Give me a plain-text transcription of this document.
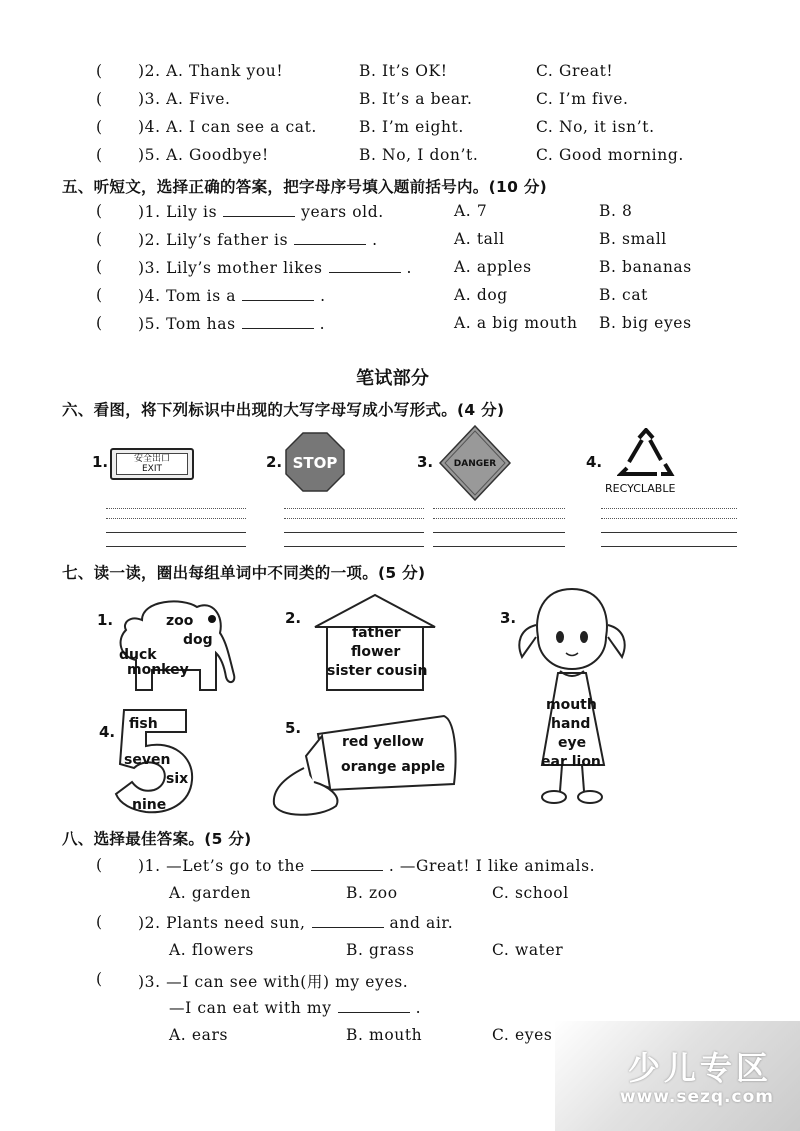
( )2. A. Thank you!	B. It’s OK!	C. Great!
( )3. A. Five.	B. It’s a bear.	C. I’m five.
( )4. A. I can see a cat.	B. I’m eight.	C. No, it isn’t.
( )5. A. Goodbye!	B. No, I don’t.	C. Good morning.
五、听短文，选择正确的答案，把字母序号填入题前括号内。(10 分)
( )1. Lily is	years old.	A. 7	B. 8
( )2. Lily’s father is	.	A. tall	B. small
( )3. Lily’s mother likes	.	A. apples	B. bananas
( )4. Tom is a	.	A. dog	B. cat
( )5. Tom has	.	A. a big mouth B. big eyes
笔试部分
六、看图，将下列标识中出现的大写字母写成小写形式。(4 分)
1.	安全出口
EXIT	2. STOP	3. DANGER	4.
RECYCLABLE
七、读一读，圈出每组单词中不同类的一项。(5 分)
1.	zoo
dog
duck
monkey
2.
father
flower
sister cousin
3.
mouth
hand
eye
ear lion
4. fish
seven
six
nine
5.
red yellow
orange apple
八、选择最佳答案。(5 分)
( )1. —Let’s go to the	. —Great! I like animals.
A. garden	B. zoo	C. school
( )2. Plants need sun,	and air.
A. flowers	B. grass	C. water
( )3. —I can see with(用) my eyes.
—I can eat with my	.
A. ears	B. mouth	C. eyes
少儿专区
www.sezq.com
